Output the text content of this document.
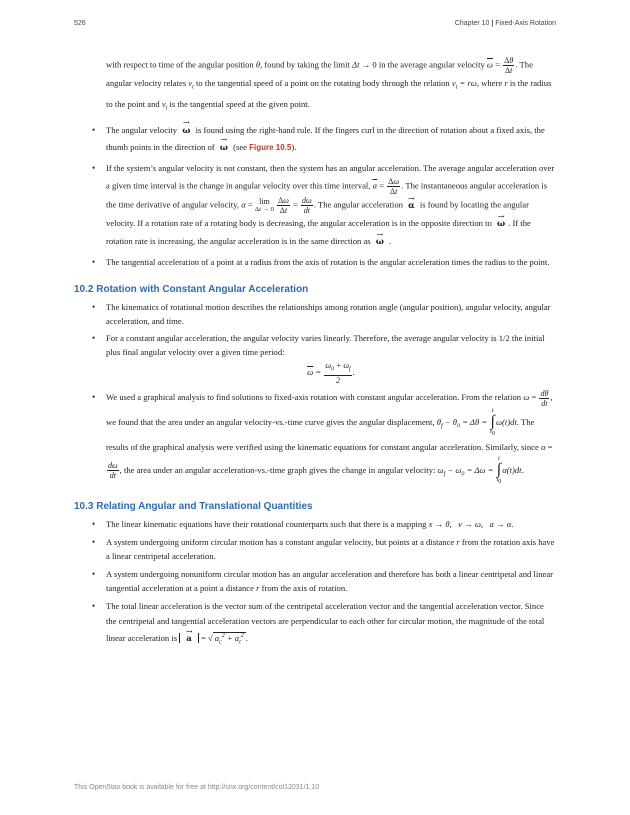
526	Chapter 10 | Fixed-Axis Rotation

with respect to time of the angular position θ, found by taking the limit Δt → 0 in the average angular velocity $\overline{\omega} = \frac{\Delta\theta}{\Delta t}$ . The angular velocity relates $v_t$ to the tangential speed of a point on the rotating body through the relation $v_t = r\omega$, where r is the radius to the point and $v_t$ is the tangential speed at the given point.

• The angular velocity → ω is found using the right-hand rule. If the fingers curl in the direction of rotation about a fixed axis, the thumb points in the direction of → ω (see Figure 10.5).
• If the system’s angular velocity is not constant, then the system has an angular acceleration. The average angular acceleration over a given time interval is the change in angular velocity over this time interval, $\overline{\alpha} = \frac{\Delta\omega}{\Delta t}$ . The instantaneous angular acceleration is the time derivative of angular velocity, α = lim
Δt → 0
$\frac{\Delta\omega}{\Delta t} = \frac{d\omega}{dt}$ . The angular acceleration → α is found by locating the angular velocity. If a rotation rate of a rotating body is decreasing, the angular acceleration is in the opposite direction to → ω . If the rotation rate is increasing, the angular acceleration is in the same direction as → ω .
• The tangential acceleration of a point at a radius from the axis of rotation is the angular acceleration times the radius to the point.
10.2 Rotation with Constant Angular Acceleration
• The kinematics of rotational motion describes the relationships among rotation angle (angular position), angular velocity, angular acceleration, and time.
• For a constant angular acceleration, the angular velocity varies linearly. Therefore, the average angular velocity is 1/2 the initial plus final angular velocity over a given time period:
$\overline{\omega} = \frac{\omega_0 + \omega_f}{2}$ .
• We used a graphical analysis to find solutions to fixed-axis rotation with constant angular acceleration. From the relation $\omega = \frac{d\theta}{dt}$ , we found that the area under an angular velocity-vs.-time curve gives the angular displacement, $\theta_f - \theta_0 = \Delta\theta = t$
∫
$t_0\omega(t)dt$. The results of the graphical analysis were verified using the kinematic equations for constant angular acceleration. Similarly, since α =
$\frac{d\omega}{dt}$ , the area under an angular acceleration-vs.-time graph gives the change in angular velocity: $\omega_f - \omega_0 = \Delta\omega = t$
∫
$t_0\alpha(t)dt$.
10.3 Relating Angular and Translational Quantities
• The linear kinematic equations have their rotational counterparts such that there is a mapping x → θ,   v → ω,   a → α.
• A system undergoing uniform circular motion has a constant angular velocity, but points at a distance r from the rotation axis have a linear centripetal acceleration.
• A system undergoing nonuniform circular motion has an angular acceleration and therefore has both a linear centripetal and linear tangential acceleration at a point a distance r from the axis of rotation.
• The total linear acceleration is the vector sum of the centripetal acceleration vector and the tangential acceleration vector. Since the centripetal and tangential acceleration vectors are perpendicular to each other for circular motion, the magnitude of the total linear acceleration is → a = √ $a_c^2 + a_t^2$ .
This OpenStax book is available for free at http://cnx.org/content/col12031/1.10
